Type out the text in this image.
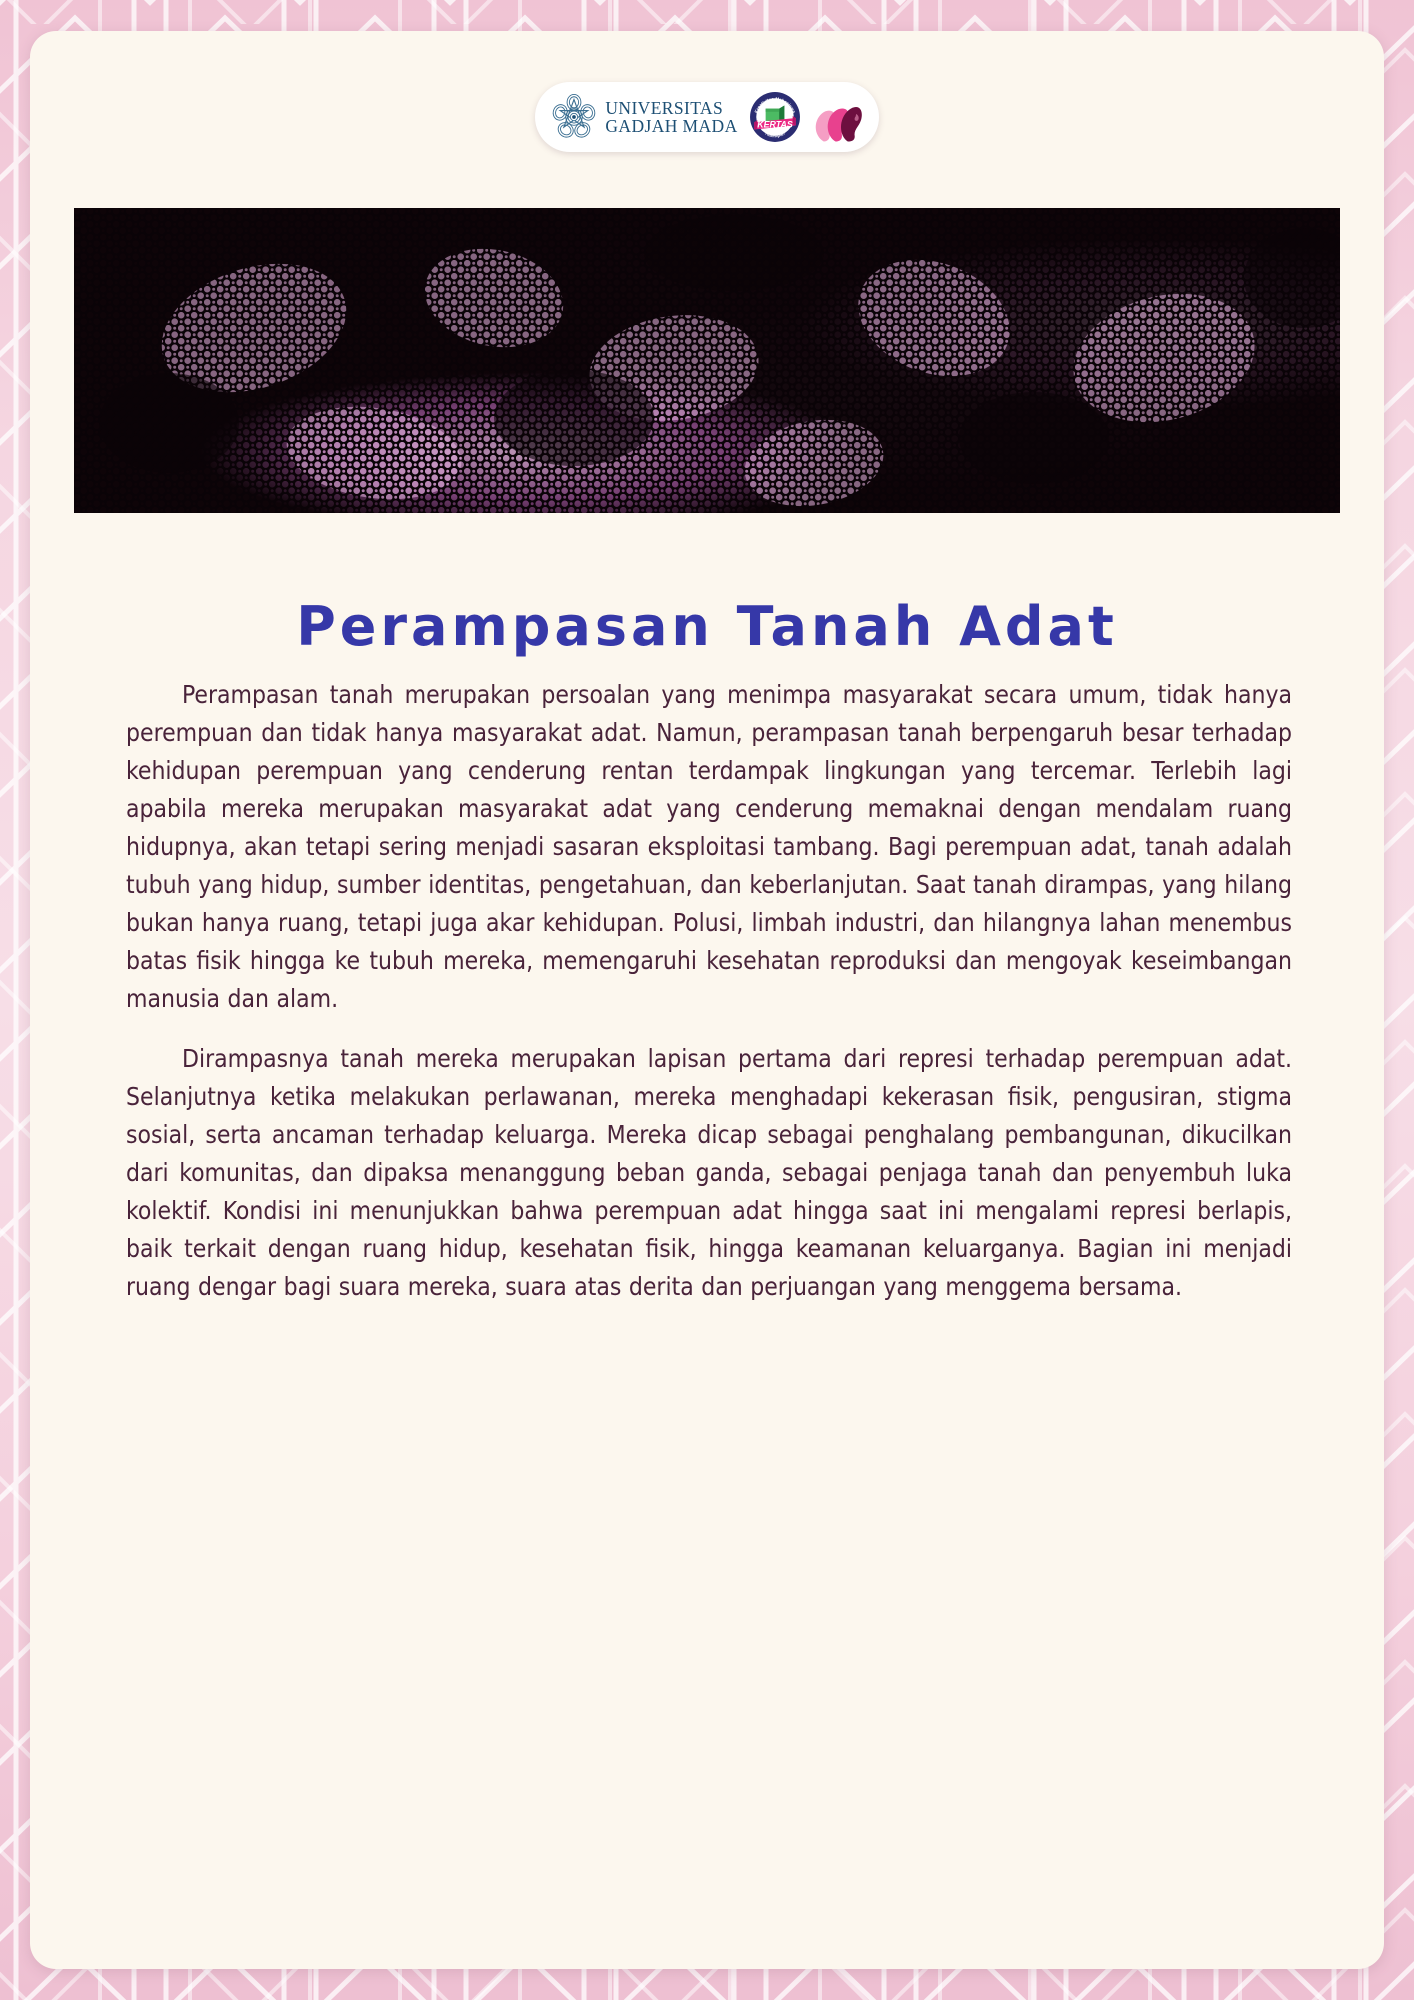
UNIVERSITAS
GADJAH MADA KERTAS
Kreativitas Mahasiswa
Kearsipan
Perampasan Tanah Adat

Perampasan tanah merupakan persoalan yang menimpa masyarakat secara umum, tidak hanya perempuan dan tidak hanya masyarakat adat. Namun, perampasan tanah berpengaruh besar terhadap kehidupan perempuan yang cenderung rentan terdampak lingkungan yang tercemar. Terlebih lagi apabila mereka merupakan masyarakat adat yang cenderung memaknai dengan mendalam ruang hidupnya, akan tetapi sering menjadi sasaran eksploitasi tambang. Bagi perempuan adat, tanah adalah tubuh yang hidup, sumber identitas, pengetahuan, dan keberlanjutan. Saat tanah dirampas, yang hilang bukan hanya ruang, tetapi juga akar kehidupan. Polusi, limbah industri, dan hilangnya lahan menembus batas fisik hingga ke tubuh mereka, memengaruhi kesehatan reproduksi dan mengoyak keseimbangan manusia dan alam.

Dirampasnya tanah mereka merupakan lapisan pertama dari represi terhadap perempuan adat. Selanjutnya ketika melakukan perlawanan, mereka menghadapi kekerasan fisik, pengusiran, stigma sosial, serta ancaman terhadap keluarga. Mereka dicap sebagai penghalang pembangunan, dikucilkan dari komunitas, dan dipaksa menanggung beban ganda, sebagai penjaga tanah dan penyembuh luka kolektif. Kondisi ini menunjukkan bahwa perempuan adat hingga saat ini mengalami represi berlapis, baik terkait dengan ruang hidup, kesehatan fisik, hingga keamanan keluarganya. Bagian ini menjadi ruang dengar bagi suara mereka, suara atas derita dan perjuangan yang menggema bersama.
